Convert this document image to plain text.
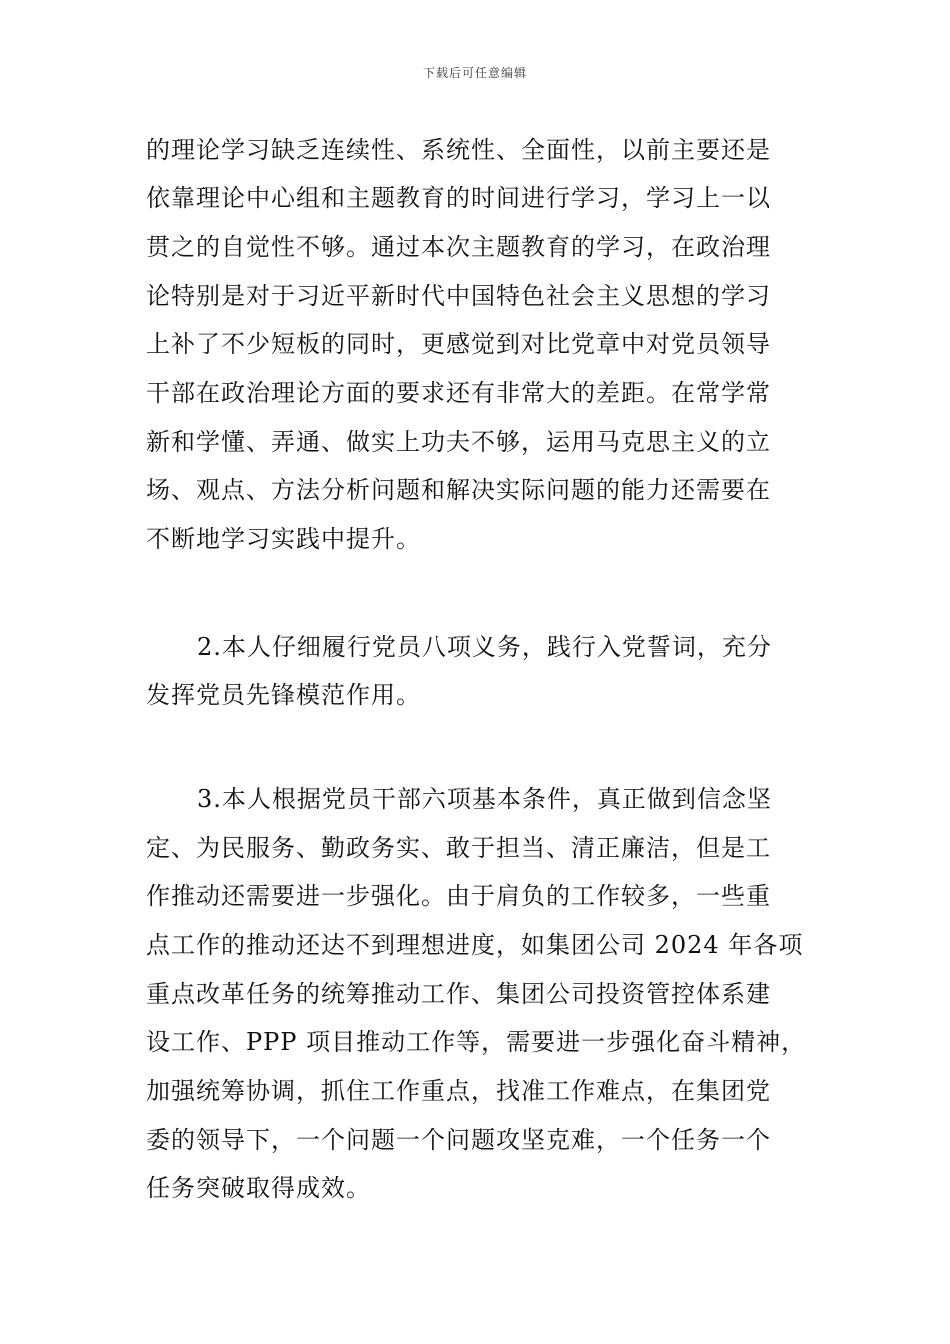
下载后可任意编辑
的理论学习缺乏连续性、系统性、全面性，以前主要还是
依靠理论中心组和主题教育的时间进行学习，学习上一以
贯之的自觉性不够。通过本次主题教育的学习，在政治理
论特别是对于习近平新时代中国特色社会主义思想的学习
上补了不少短板的同时，更感觉到对比党章中对党员领导
干部在政治理论方面的要求还有非常大的差距。在常学常
新和学懂、弄通、做实上功夫不够，运用马克思主义的立
场、观点、方法分析问题和解决实际问题的能力还需要在
不断地学习实践中提升。
2.本人仔细履行党员八项义务，践行入党誓词，充分
发挥党员先锋模范作用。
3.本人根据党员干部六项基本条件，真正做到信念坚
定、为民服务、勤政务实、敢于担当、清正廉洁，但是工
作推动还需要进一步强化。由于肩负的工作较多，一些重
点工作的推动还达不到理想进度，如集团公司 2024 年各项
重点改革任务的统筹推动工作、集团公司投资管控体系建
设工作、PPP 项目推动工作等，需要进一步强化奋斗精神，
加强统筹协调，抓住工作重点，找准工作难点，在集团党
委的领导下，一个问题一个问题攻坚克难，一个任务一个
任务突破取得成效。
